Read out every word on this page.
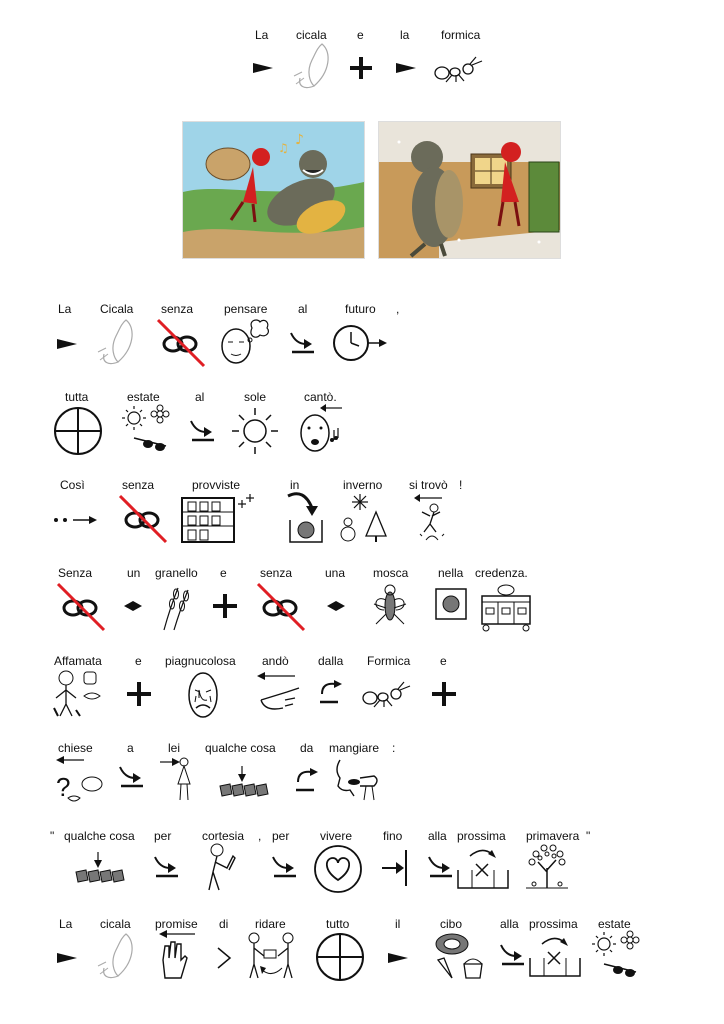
La cicala	e	la	formica
♪
♫
La Cicala senza	pensare	al	futuro ,
tutta	estate	al	sole	cantò.
Così	senza	provviste	in	inverno si trovò !
Senza	un granello e	senza	una mosca nella credenza.
Affamata	e piagnucolosa andò dalla Formica e
chiese	a	lei qualche cosa da mangiare :
?
" qualche cosa per	cortesia , per	vivere	fino alla prossima primavera "
La cicala promise di ridare	tutto	il	cibo	alla prossima estate
